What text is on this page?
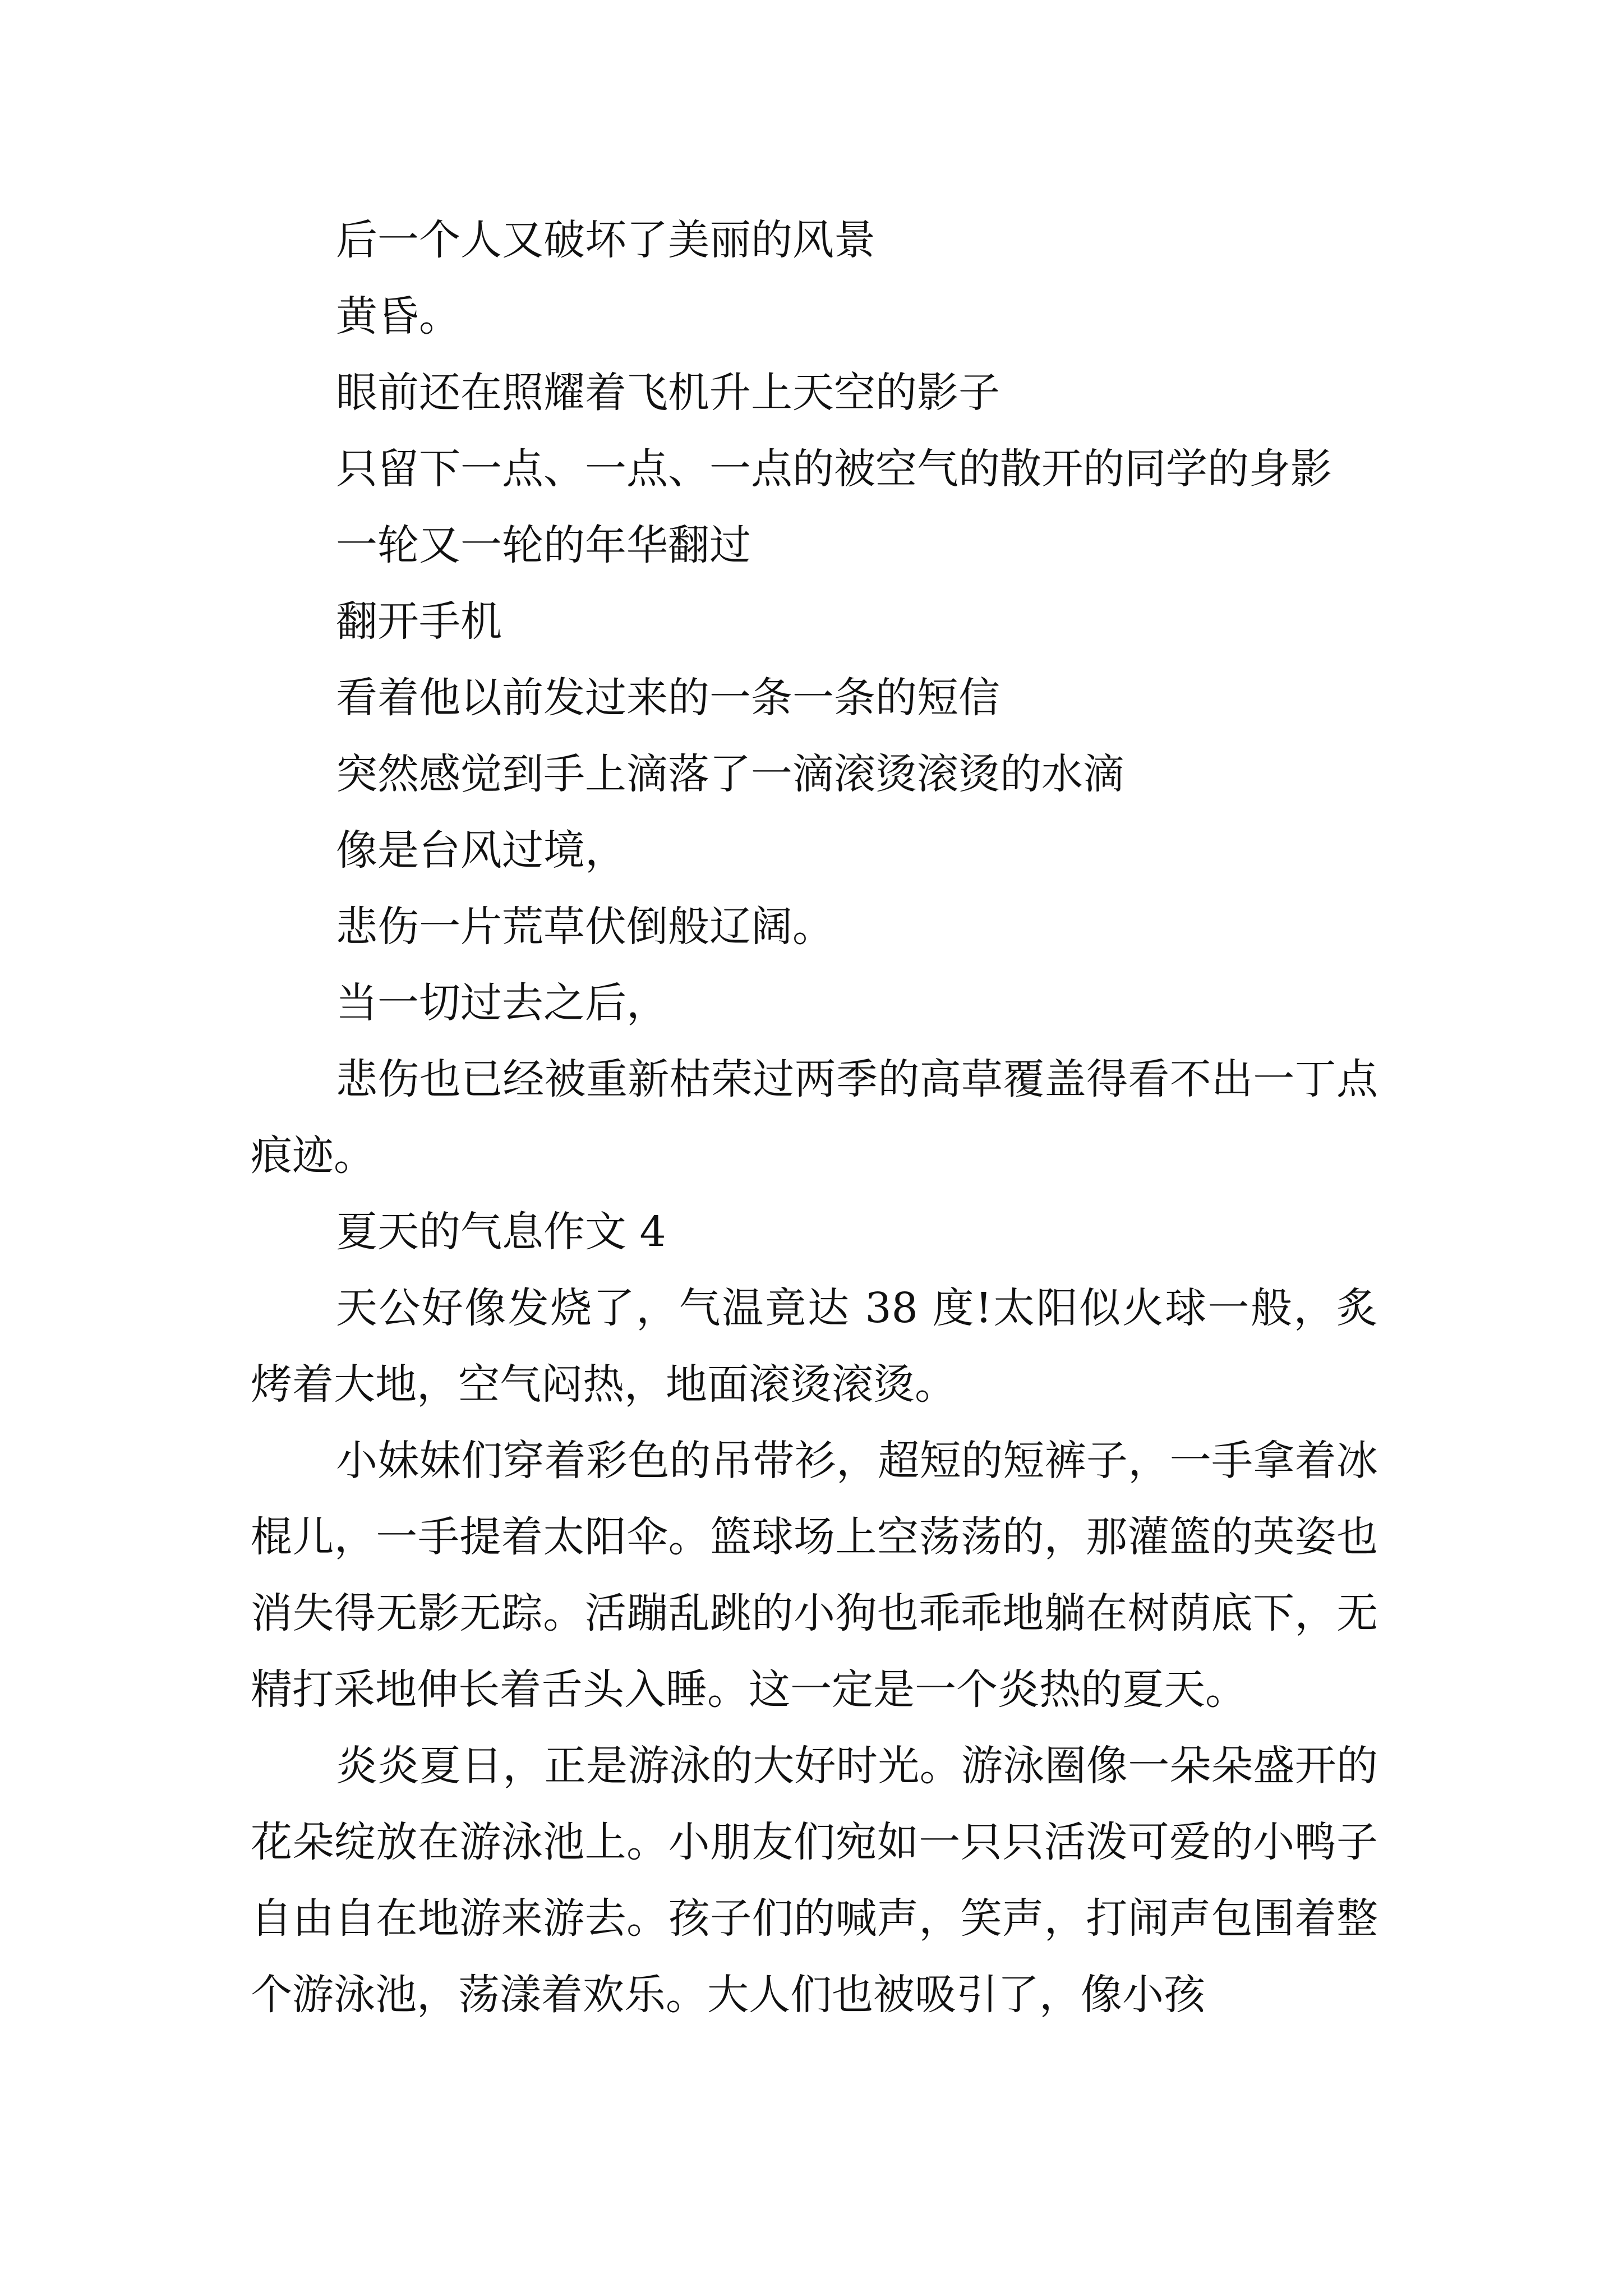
后一个人又破坏了美丽的风景
黄昏。
眼前还在照耀着飞机升上天空的影子
只留下一点、一点、一点的被空气的散开的同学的身影
一轮又一轮的年华翻过
翻开手机
看着他以前发过来的一条一条的短信
突然感觉到手上滴落了一滴滚烫滚烫的水滴
像是台风过境，
悲伤一片荒草伏倒般辽阔。
当一切过去之后，

悲伤也已经被重新枯荣过两季的高草覆盖得看不出一丁点痕迹。

夏天的气息作文 4

天公好像发烧了，气温竟达 38 度!太阳似火球一般，炙烤着大地，空气闷热，地面滚烫滚烫。

小妹妹们穿着彩色的吊带衫，超短的短裤子，一手拿着冰棍儿，一手提着太阳伞。篮球场上空荡荡的，那灌篮的英姿也消失得无影无踪。活蹦乱跳的小狗也乖乖地躺在树荫底下，无精打采地伸长着舌头入睡。这一定是一个炎热的夏天。

炎炎夏日，正是游泳的大好时光。游泳圈像一朵朵盛开的花朵绽放在游泳池上。小朋友们宛如一只只活泼可爱的小鸭子自由自在地游来游去。孩子们的喊声，笑声，打闹声包围着整个游泳池，荡漾着欢乐。大人们也被吸引了，像小孩
